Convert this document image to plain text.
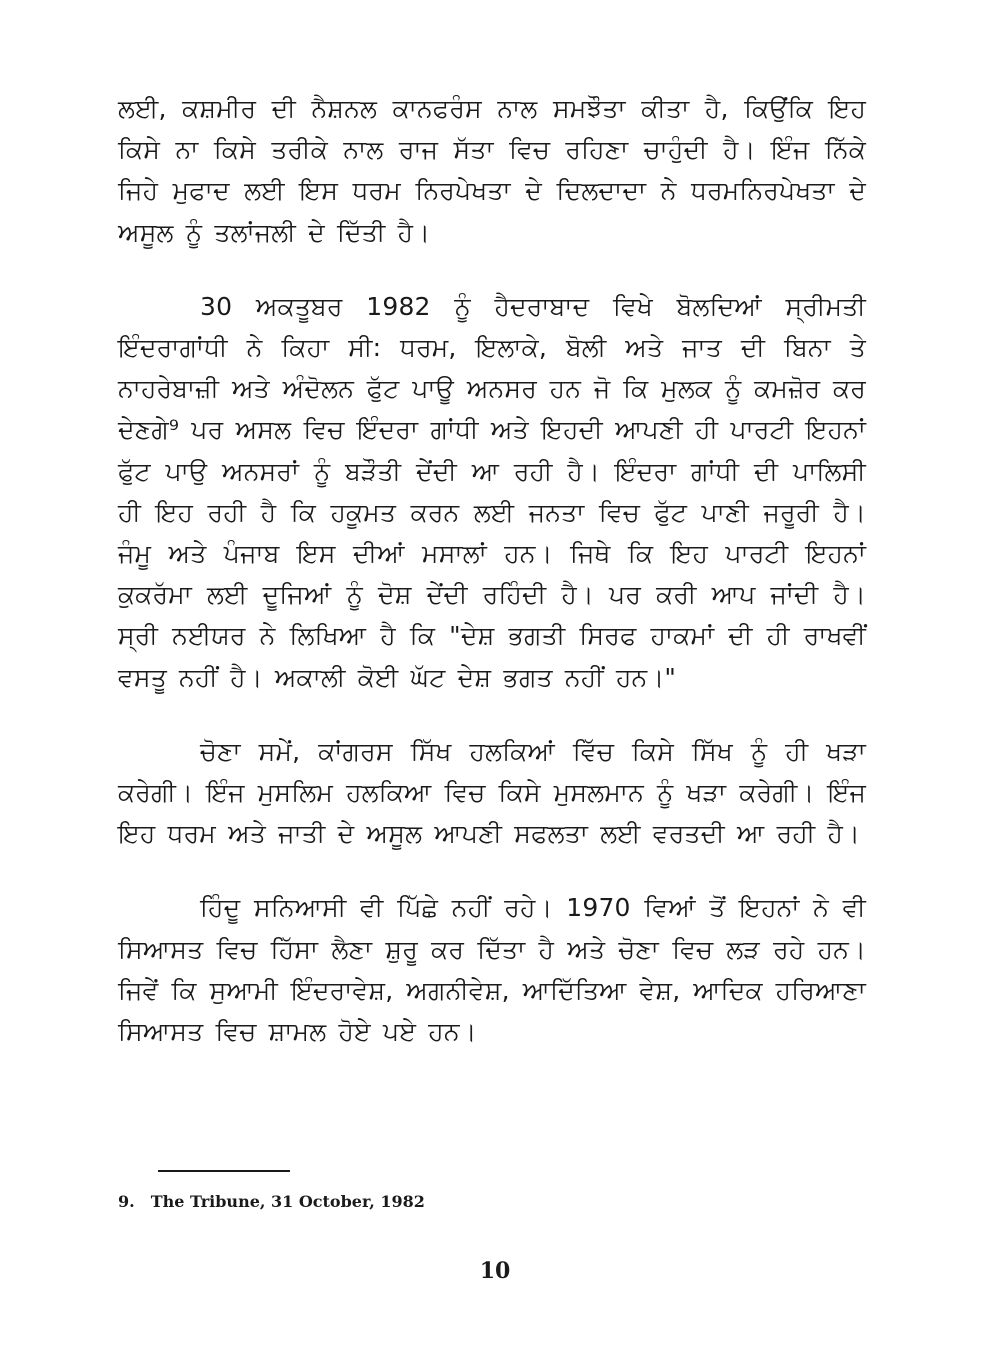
ਲਈ, ਕਸ਼ਮੀਰ ਦੀ ਨੈਸ਼ਨਲ ਕਾਨਫਰੰਸ ਨਾਲ ਸਮਝੌਤਾ ਕੀਤਾ ਹੈ, ਕਿਉਂਕਿ ਇਹ ਕਿਸੇ ਨਾ ਕਿਸੇ ਤਰੀਕੇ ਨਾਲ ਰਾਜ ਸੱਤਾ ਵਿਚ ਰਹਿਣਾ ਚਾਹੁੰਦੀ ਹੈ। ਇੰਜ ਨਿੱਕੇ ਜਿਹੇ ਮੁਫਾਦ ਲਈ ਇਸ ਧਰਮ ਨਿਰਪੇਖਤਾ ਦੇ ਦਿਲਦਾਦਾ ਨੇ ਧਰਮਨਿਰਪੇਖਤਾ ਦੇ ਅਸੂਲ ਨੂੰ ਤਲਾਂਜਲੀ ਦੇ ਦਿੱਤੀ ਹੈ।

30 ਅਕਤੂਬਰ 1982 ਨੂੰ ਹੈਦਰਾਬਾਦ ਵਿਖੇ ਬੋਲਦਿਆਂ ਸ੍ਰੀਮਤੀ ਇੰਦਰਾਗਾਂਧੀ ਨੇ ਕਿਹਾ ਸੀ: ਧਰਮ, ਇਲਾਕੇ, ਬੋਲੀ ਅਤੇ ਜਾਤ ਦੀ ਬਿਨਾ ਤੇ ਨਾਹਰੇਬਾਜ਼ੀ ਅਤੇ ਅੰਦੋਲਨ ਫੁੱਟ ਪਾਊ ਅਨਸਰ ਹਨ ਜੋ ਕਿ ਮੁਲਕ ਨੂੰ ਕਮਜ਼ੋਰ ਕਰ ਦੇਣਗੇ⁹ ਪਰ ਅਸਲ ਵਿਚ ਇੰਦਰਾ ਗਾਂਧੀ ਅਤੇ ਇਹਦੀ ਆਪਣੀ ਹੀ ਪਾਰਟੀ ਇਹਨਾਂ ਫੁੱਟ ਪਾਉ ਅਨਸਰਾਂ ਨੂੰ ਬੜੌਤੀ ਦੇਂਦੀ ਆ ਰਹੀ ਹੈ। ਇੰਦਰਾ ਗਾਂਧੀ ਦੀ ਪਾਲਿਸੀ ਹੀ ਇਹ ਰਹੀ ਹੈ ਕਿ ਹਕੂਮਤ ਕਰਨ ਲਈ ਜਨਤਾ ਵਿਚ ਫੁੱਟ ਪਾਣੀ ਜਰੂਰੀ ਹੈ। ਜੰਮੂ ਅਤੇ ਪੰਜਾਬ ਇਸ ਦੀਆਂ ਮਸਾਲਾਂ ਹਨ। ਜਿਥੇ ਕਿ ਇਹ ਪਾਰਟੀ ਇਹਨਾਂ ਕੁਕਰੱਮਾ ਲਈ ਦੂਜਿਆਂ ਨੂੰ ਦੋਸ਼ ਦੇਂਦੀ ਰਹਿੰਦੀ ਹੈ। ਪਰ ਕਰੀ ਆਪ ਜਾਂਦੀ ਹੈ। ਸ੍ਰੀ ਨਈਯਰ ਨੇ ਲਿਖਿਆ ਹੈ ਕਿ "ਦੇਸ਼ ਭਗਤੀ ਸਿਰਫ ਹਾਕਮਾਂ ਦੀ ਹੀ ਰਾਖਵੀਂ ਵਸਤੂ ਨਹੀਂ ਹੈ। ਅਕਾਲੀ ਕੋਈ ਘੱਟ ਦੇਸ਼ ਭਗਤ ਨਹੀਂ ਹਨ।"

ਚੋਣਾ ਸਮੇਂ, ਕਾਂਗਰਸ ਸਿੱਖ ਹਲਕਿਆਂ ਵਿੱਚ ਕਿਸੇ ਸਿੱਖ ਨੂੰ ਹੀ ਖੜਾ ਕਰੇਗੀ। ਇੰਜ ਮੁਸਲਿਮ ਹਲਕਿਆ ਵਿਚ ਕਿਸੇ ਮੁਸਲਮਾਨ ਨੂੰ ਖੜਾ ਕਰੇਗੀ। ਇੰਜ ਇਹ ਧਰਮ ਅਤੇ ਜਾਤੀ ਦੇ ਅਸੂਲ ਆਪਣੀ ਸਫਲਤਾ ਲਈ ਵਰਤਦੀ ਆ ਰਹੀ ਹੈ।

ਹਿੰਦੂ ਸਨਿਆਸੀ ਵੀ ਪਿੱਛੇ ਨਹੀਂ ਰਹੇ। 1970 ਵਿਆਂ ਤੋਂ ਇਹਨਾਂ ਨੇ ਵੀ ਸਿਆਸਤ ਵਿਚ ਹਿੱਸਾ ਲੈਣਾ ਸ਼ੁਰੂ ਕਰ ਦਿੱਤਾ ਹੈ ਅਤੇ ਚੋਣਾ ਵਿਚ ਲੜ ਰਹੇ ਹਨ। ਜਿਵੇਂ ਕਿ ਸੁਆਮੀ ਇੰਦਰਾਵੇਸ਼, ਅਗਨੀਵੇਸ਼, ਆਦਿੱਤਿਆ ਵੇਸ਼, ਆਦਿਕ ਹਰਿਆਣਾ ਸਿਆਸਤ ਵਿਚ ਸ਼ਾਮਲ ਹੋਏ ਪਏ ਹਨ।

9. The Tribune, 31 October, 1982
10
